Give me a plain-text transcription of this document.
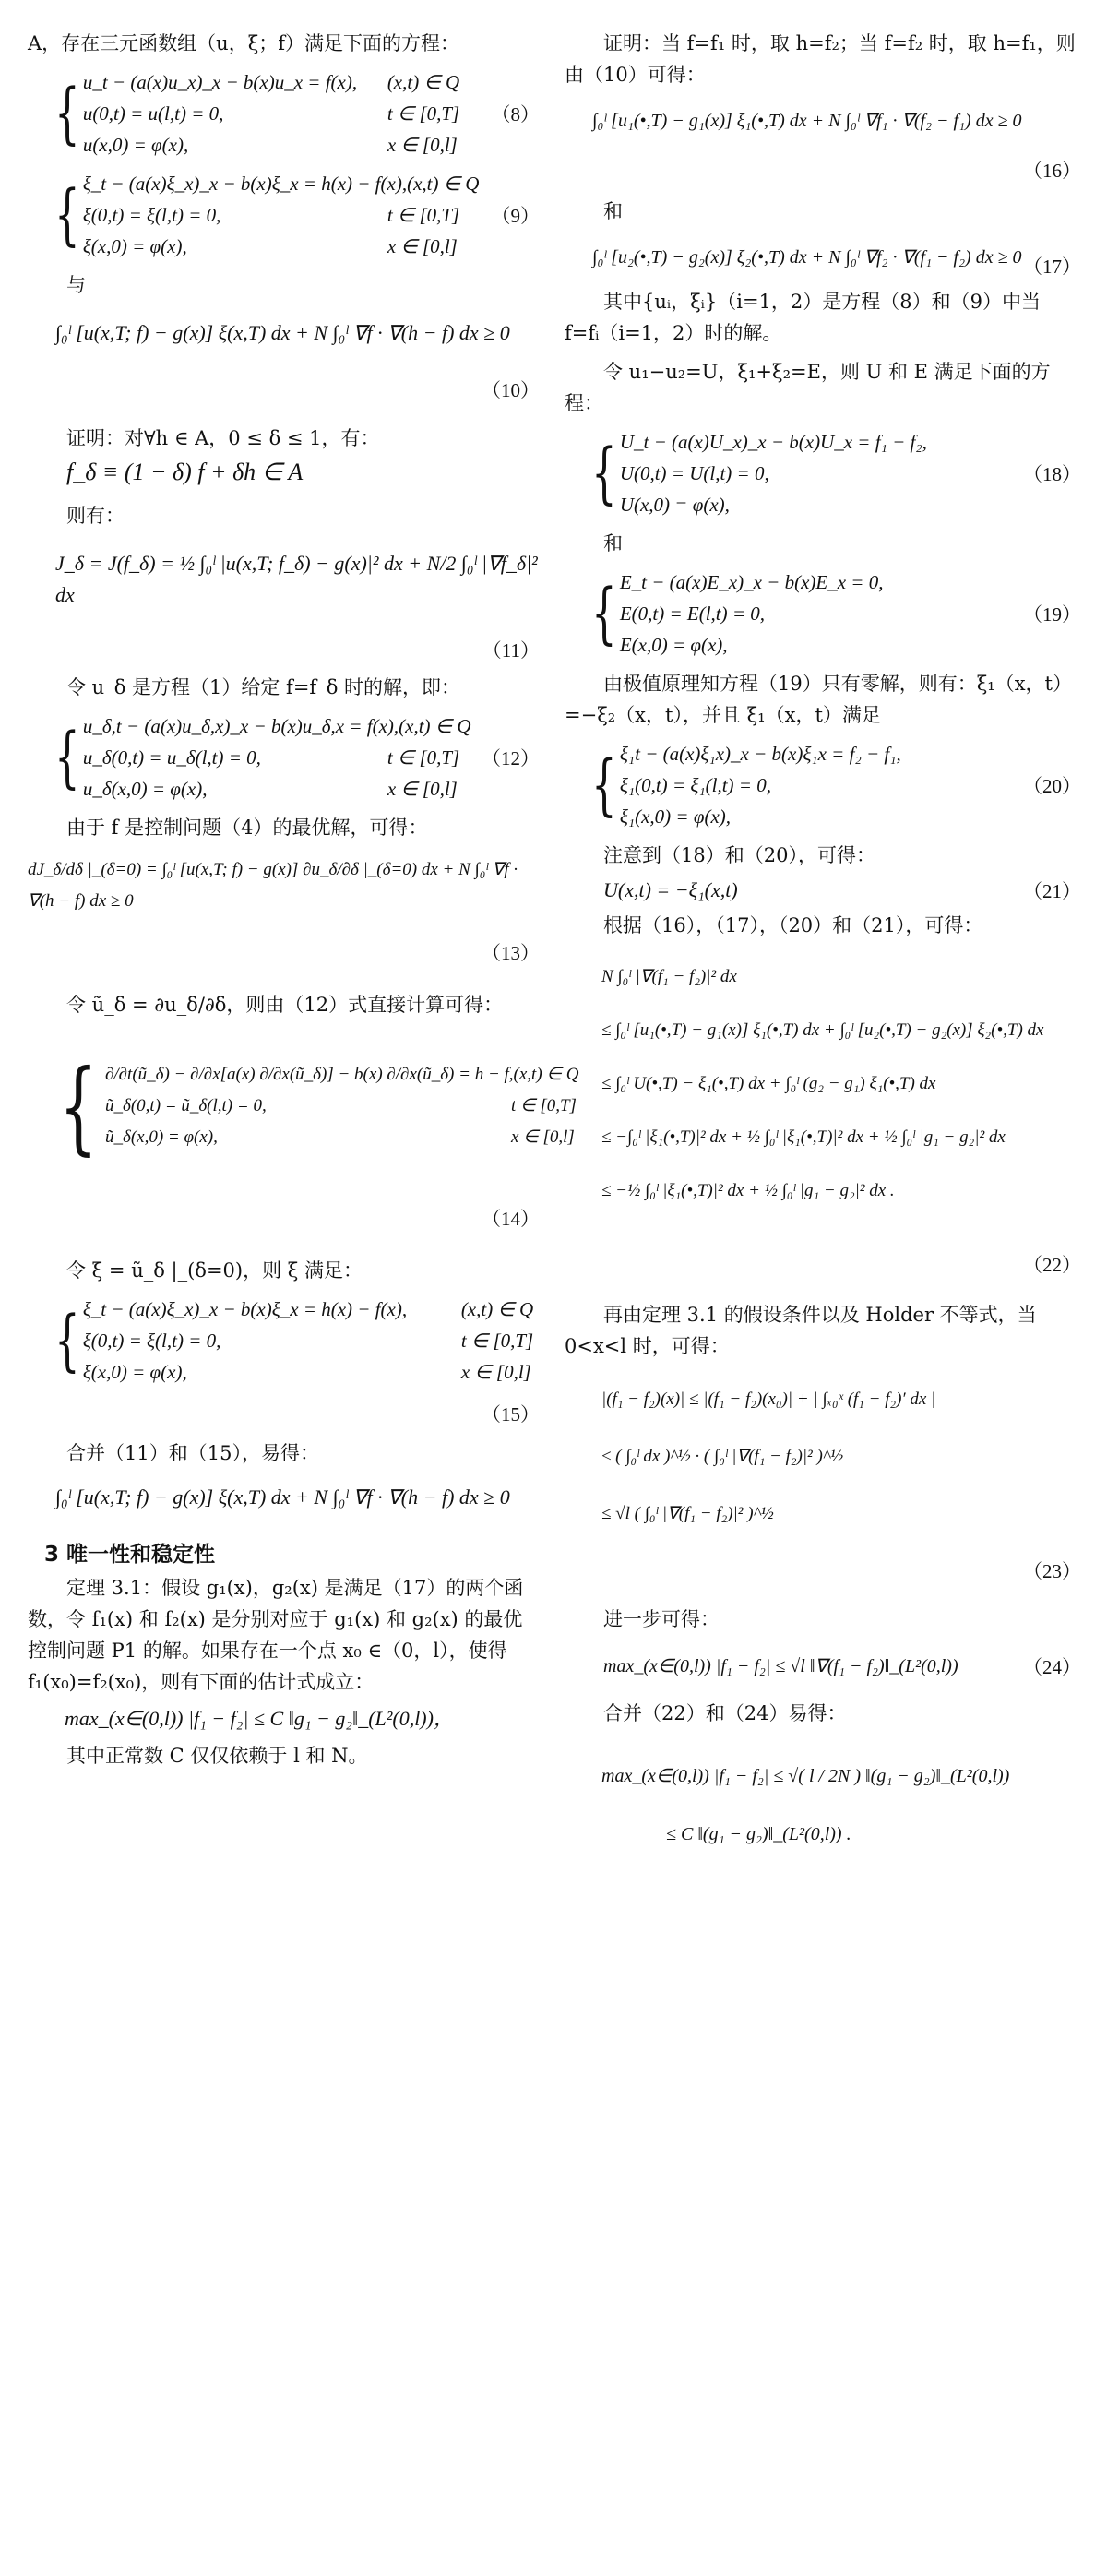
A，存在三元函数组（u，ξ；f）满足下面的方程：

{ u_t − (a(x)u_x)_x − b(x)u_x = f(x), (x,t) ∈ Q
u(0,t) = u(l,t) = 0,	t ∈ [0,T]
u(x,0) = φ(x),	x ∈ [0,l]
（8）
{ ξ_t − (a(x)ξ_x)_x − b(x)ξ_x = h(x) − f(x),(x,t) ∈ Q
ξ(0,t) = ξ(l,t) = 0,	t ∈ [0,T]
ξ(x,0) = φ(x),	x ∈ [0,l]
（9）

与

∫₀ˡ [u(x,T; f) − g(x)] ξ(x,T) dx + N ∫₀ˡ ∇f · ∇(h − f) dx ≥ 0

（10）

证明：对∀h ∈ A，0 ≤ δ ≤ 1，有：

f_δ ≡ (1 − δ) f + δh ∈ A

则有：

J_δ = J(f_δ) = ½ ∫₀ˡ |u(x,T; f_δ) − g(x)|² dx + N/2 ∫₀ˡ |∇f_δ|² dx

（11）

令 u_δ 是方程（1）给定 f=f_δ 时的解，即：

{ u_δ,t − (a(x)u_δ,x)_x − b(x)u_δ,x = f(x),(x,t) ∈ Q
u_δ(0,t) = u_δ(l,t) = 0,	t ∈ [0,T]
u_δ(x,0) = φ(x),	x ∈ [0,l]
（12）

由于 f 是控制问题（4）的最优解，可得：

dJ_δ/dδ |_(δ=0) = ∫₀ˡ [u(x,T; f) − g(x)] ∂u_δ/∂δ |_(δ=0) dx + N ∫₀ˡ ∇f · ∇(h − f) dx ≥ 0

（13）

令 ũ_δ = ∂u_δ/∂δ，则由（12）式直接计算可得：

{ ∂/∂t(ũ_δ) − ∂/∂x[a(x) ∂/∂x(ũ_δ)] − b(x) ∂/∂x(ũ_δ) = h − f,(x,t) ∈ Q
ũ_δ(0,t) = ũ_δ(l,t) = 0,	t ∈ [0,T]
ũ_δ(x,0) = φ(x),	x ∈ [0,l]

（14）

令 ξ = ũ_δ |_(δ=0)，则 ξ 满足：

{ ξ_t − (a(x)ξ_x)_x − b(x)ξ_x = h(x) − f(x),	(x,t) ∈ Q
ξ(0,t) = ξ(l,t) = 0,	t ∈ [0,T]
ξ(x,0) = φ(x),	x ∈ [0,l]

（15）

合并（11）和（15），易得：

∫₀ˡ [u(x,T; f) − g(x)] ξ(x,T) dx + N ∫₀ˡ ∇f · ∇(h − f) dx ≥ 0

3 唯一性和稳定性

定理 3.1：假设 g₁(x)，g₂(x) 是满足（17）的两个函数，令 f₁(x) 和 f₂(x) 是分别对应于 g₁(x) 和 g₂(x) 的最优控制问题 P1 的解。如果存在一个点 x₀ ∈（0，l），使得 f₁(x₀)=f₂(x₀)，则有下面的估计式成立：

max_(x∈(0,l)) |f₁ − f₂| ≤ C ‖g₁ − g₂‖_(L²(0,l))，

其中正常数 C 仅仅依赖于 l 和 N。

证明：当 f=f₁ 时，取 h=f₂；当 f=f₂ 时，取 h=f₁，则由（10）可得：

∫₀ˡ [u₁(•,T) − g₁(x)] ξ₁(•,T) dx + N ∫₀ˡ ∇f₁ · ∇(f₂ − f₁) dx ≥ 0

（16）

和

∫₀ˡ [u₂(•,T) − g₂(x)] ξ₂(•,T) dx + N ∫₀ˡ ∇f₂ · ∇(f₁ − f₂) dx ≥ 0 （17）

其中{uᵢ，ξᵢ}（i=1，2）是方程（8）和（9）中当 f=fᵢ（i=1，2）时的解。

令 u₁−u₂=U，ξ₁+ξ₂=E，则 U 和 E 满足下面的方程：

{ U_t − (a(x)U_x)_x − b(x)U_x = f₁ − f₂,
U(0,t) = U(l,t) = 0,
U(x,0) = φ(x),
（18）

和

{ E_t − (a(x)E_x)_x − b(x)E_x = 0,
E(0,t) = E(l,t) = 0,
E(x,0) = φ(x),
（19）

由极值原理知方程（19）只有零解，则有：ξ₁（x，t）=−ξ₂（x，t），并且 ξ₁（x，t）满足

{ ξ₁t − (a(x)ξ₁x)_x − b(x)ξ₁x = f₂ − f₁,
ξ₁(0,t) = ξ₁(l,t) = 0,
ξ₁(x,0) = φ(x),
（20）

注意到（18）和（20），可得：

U(x,t) = −ξ₁(x,t)	（21）

根据（16），（17），（20）和（21），可得：

N ∫₀ˡ |∇(f₁ − f₂)|² dx
≤ ∫₀ˡ [u₁(•,T) − g₁(x)] ξ₁(•,T) dx + ∫₀ˡ [u₂(•,T) − g₂(x)] ξ₂(•,T) dx
≤ ∫₀ˡ U(•,T) − ξ₁(•,T) dx + ∫₀ˡ (g₂ − g₁) ξ₁(•,T) dx
≤ −∫₀ˡ |ξ₁(•,T)|² dx + ½ ∫₀ˡ |ξ₁(•,T)|² dx + ½ ∫₀ˡ |g₁ − g₂|² dx
≤ −½ ∫₀ˡ |ξ₁(•,T)|² dx + ½ ∫₀ˡ |g₁ − g₂|² dx .

（22）

再由定理 3.1 的假设条件以及 Holder 不等式，当 0<x<l 时，可得：

|(f₁ − f₂)(x)| ≤ |(f₁ − f₂)(x₀)| + | ∫ₓ₀ˣ (f₁ − f₂)′ dx |
≤ ( ∫₀ˡ dx )^½ · ( ∫₀ˡ |∇(f₁ − f₂)|² )^½
≤ √l ( ∫₀ˡ |∇(f₁ − f₂)|² )^½

（23）

进一步可得：

max_(x∈(0,l)) |f₁ − f₂| ≤ √l ‖∇(f₁ − f₂)‖_(L²(0,l))	（24）

合并（22）和（24）易得：

max_(x∈(0,l)) |f₁ − f₂| ≤ √( l / 2N ) ‖(g₁ − g₂)‖_(L²(0,l))
≤ C ‖(g₁ − g₂)‖_(L²(0,l)) .
